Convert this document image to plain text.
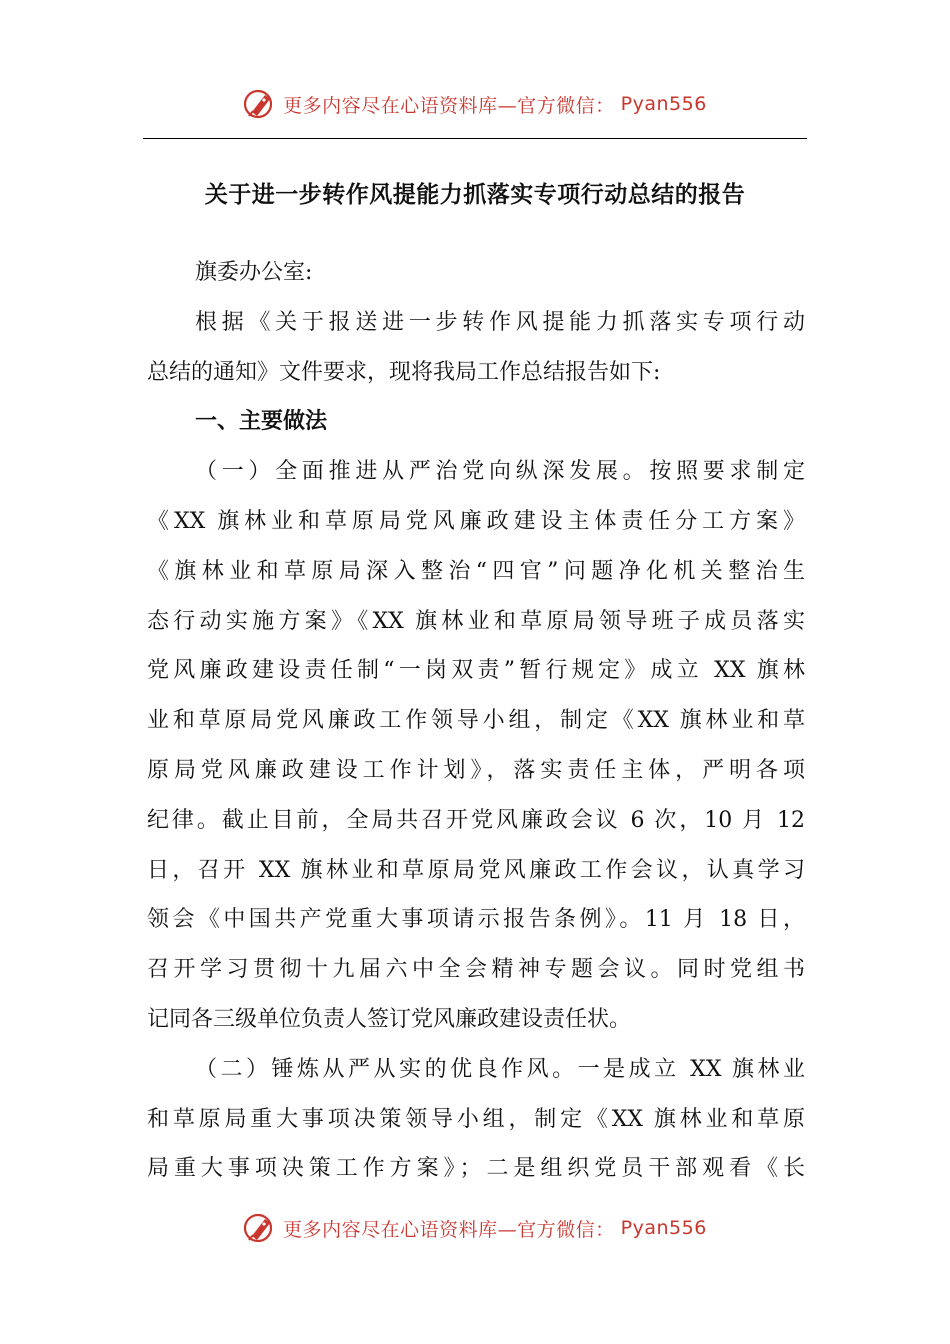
更多内容尽在心语资料库—官方微信： Pyan556
关于进一步转作风提能力抓落实专项行动总结的报告
旗委办公室:
根据《关于报送进一步转作风提能力抓落实专项行动
总结的通知》文件要求，现将我局工作总结报告如下:
一、主要做法
（一）全面推进从严治党向纵深发展。按照要求制定
《XX 旗林业和草原局党风廉政建设主体责任分工方案》
《旗林业和草原局深入整治“四官”问题净化机关整治生
态行动实施方案》《XX 旗林业和草原局领导班子成员落实
党风廉政建设责任制“一岗双责”暂行规定》成立 XX 旗林
业和草原局党风廉政工作领导小组，制定《XX 旗林业和草
原局党风廉政建设工作计划》，落实责任主体，严明各项
纪律。截止目前，全局共召开党风廉政会议 6 次，10 月 12
日，召开 XX 旗林业和草原局党风廉政工作会议，认真学习
领会《中国共产党重大事项请示报告条例》。11 月 18 日，
召开学习贯彻十九届六中全会精神专题会议。同时党组书
记同各三级单位负责人签订党风廉政建设责任状。
（二）锤炼从严从实的优良作风。一是成立 XX 旗林业
和草原局重大事项决策领导小组，制定《XX 旗林业和草原
局重大事项决策工作方案》；二是组织党员干部观看《长
更多内容尽在心语资料库—官方微信： Pyan556
